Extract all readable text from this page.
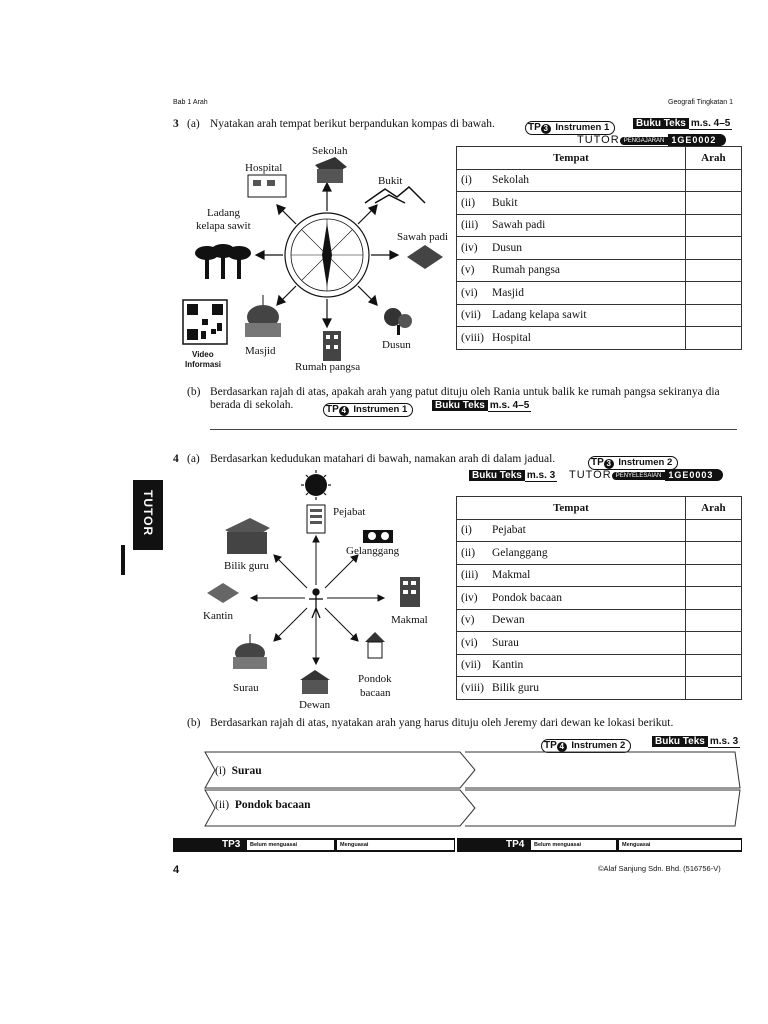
Bab 1 Arah	Geografi Tingkatan 1
3 (a) Nyatakan arah tempat berikut berpandukan kompas di bawah.	TP 3 Instrumen 1	Buku Teks m.s. 4–5
TUTOR PENGAJARAN 1GE0002
Sekolah
Hospital
Bukit
Ladang
kelapa sawit
Sawah padi
Masjid
Rumah pangsa
Dusun
Video
Informasi
Tempat		Arah
(i)	Sekolah	
(ii)	Bukit	
(iii)	Sawah padi	
(iv)	Dusun	
(v)	Rumah pangsa	
(vi)	Masjid	
(vii)	Ladang kelapa sawit	
(viii)	Hospital	
(b) Berdasarkan rajah di atas, apakah arah yang patut dituju oleh Rania untuk balik ke rumah pangsa sekiranya dia berada di sekolah.	TP 4 Instrumen 1	Buku Teks m.s. 4–5
4 (a) Berdasarkan kedudukan matahari di bawah, namakan arah di dalam jadual.	TP 3 Instrumen 2
Buku Teks m.s. 3 TUTOR PENYELESAIAN 1GE0003
TUTOR	Pejabat
Gelanggang
Bilik guru
Kantin	Makmal
Surau
Dewan
Pondok
bacaan
Tempat		Arah
(i)	Pejabat	
(ii)	Gelanggang	
(iii)	Makmal	
(iv)	Pondok bacaan	
(v)	Dewan	
(vi)	Surau	
(vii)	Kantin	
(viii)	Bilik guru	
(b) Berdasarkan rajah di atas, nyatakan arah yang harus dituju oleh Jeremy dari dewan ke lokasi berikut.
TP 4 Instrumen 2	Buku Teks m.s. 3
(i) Surau
(ii) Pondok bacaan
TP3	Belum menguasai	Menguasai	TP4	Belum menguasai	Menguasai
4	©Alaf Sanjung Sdn. Bhd. (516756-V)
